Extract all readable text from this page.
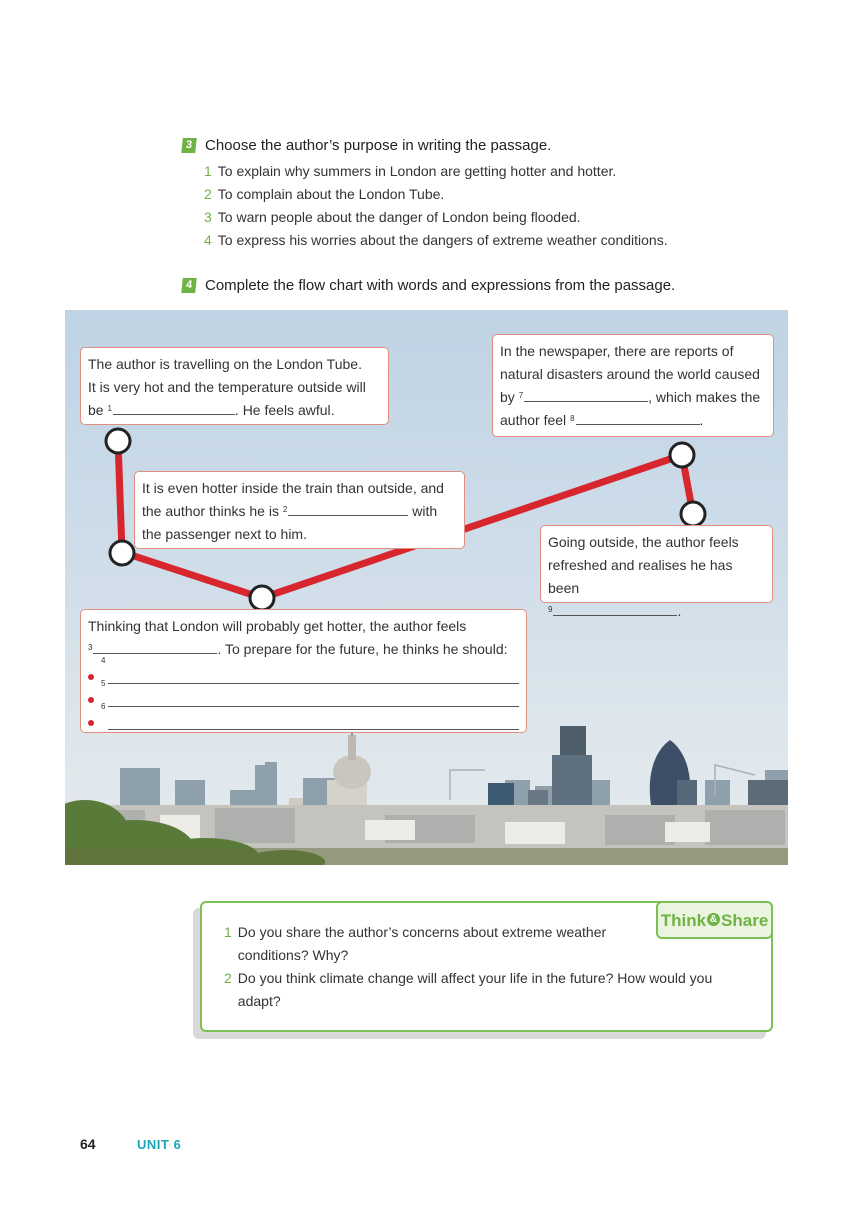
3 Choose the author’s purpose in writing the passage.
1 To explain why summers in London are getting hotter and hotter.
2 To complain about the London Tube.
3 To warn people about the danger of London being flooded.
4 To express his worries about the dangers of extreme weather conditions.
4 Complete the flow chart with words and expressions from the passage.
The author is travelling on the London Tube.
It is very hot and the temperature outside will
be $^1$	. He feels awful.
It is even hotter inside the train than outside, and
the author thinks he is $^2$	with
the passenger next to him.
Thinking that London will probably get hotter, the author feels
$^3$	. To prepare for the future, he thinks he should:
$^4$
$^5$
$^6$
In the newspaper, there are reports of
natural disasters around the world caused
by $^7$	, which makes the
author feel $^8$	.
Going outside, the author feels
refreshed and realises he has been
$^9$	.
Think & Share
1 Do you share the author’s concerns about extreme weather conditions? Why?
2 Do you think climate change will affect your life in the future? How would you adapt?
64	UNIT 6
